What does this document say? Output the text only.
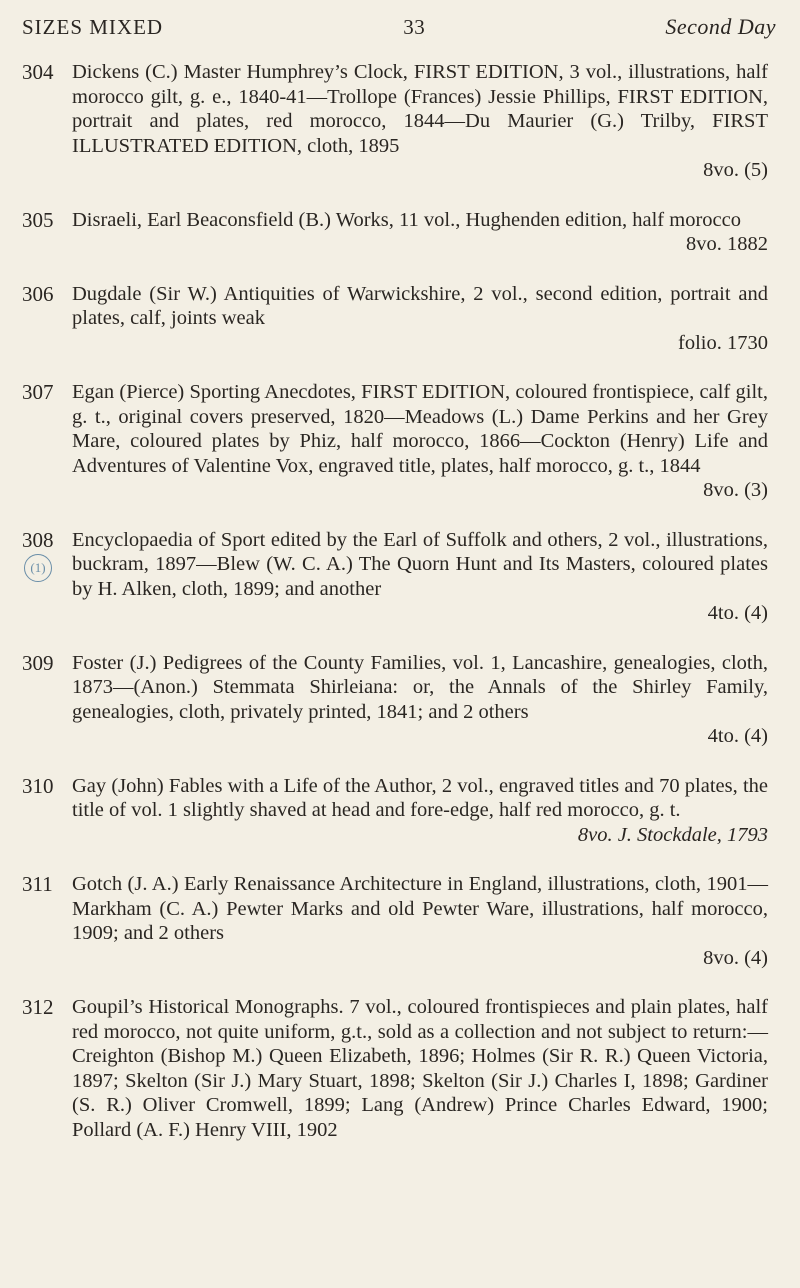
SIZES MIXED	33	Second Day
304 Dickens (C.) Master Humphrey’s Clock, FIRST EDITION, 3 vol., illustrations, half morocco gilt, g. e., 1840-41—Trollope (Frances) Jessie Phillips, FIRST EDITION, portrait and plates, red morocco, 1844—Du Maurier (G.) Trilby, FIRST ILLUSTRATED EDITION, cloth, 1895
8vo. (5)
305 Disraeli, Earl Beaconsfield (B.) Works, 11 vol., Hughenden edition, half morocco
8vo. 1882
306 Dugdale (Sir W.) Antiquities of Warwickshire, 2 vol., second edition, portrait and plates, calf, joints weak
folio. 1730
307 Egan (Pierce) Sporting Anecdotes, FIRST EDITION, coloured frontispiece, calf gilt, g. t., original covers preserved, 1820—Meadows (L.) Dame Perkins and her Grey Mare, coloured plates by Phiz, half morocco, 1866—Cockton (Henry) Life and Adventures of Valentine Vox, engraved title, plates, half morocco, g. t., 1844
8vo. (3)
308
(1)
Encyclopaedia of Sport edited by the Earl of Suffolk and others, 2 vol., illustrations, buckram, 1897—Blew (W. C. A.) The Quorn Hunt and Its Masters, coloured plates by H. Alken, cloth, 1899; and another
4to. (4)
309 Foster (J.) Pedigrees of the County Families, vol. 1, Lancashire, genealogies, cloth, 1873—(Anon.) Stemmata Shirleiana: or, the Annals of the Shirley Family, genealogies, cloth, privately printed, 1841; and 2 others
4to. (4)
310 Gay (John) Fables with a Life of the Author, 2 vol., engraved titles and 70 plates, the title of vol. 1 slightly shaved at head and fore-edge, half red morocco, g. t.
8vo. J. Stockdale, 1793
311 Gotch (J. A.) Early Renaissance Architecture in England, illustrations, cloth, 1901—Markham (C. A.) Pewter Marks and old Pewter Ware, illustrations, half morocco, 1909; and 2 others
8vo. (4)
312 Goupil’s Historical Monographs. 7 vol., coloured frontispieces and plain plates, half red morocco, not quite uniform, g.t., sold as a collection and not subject to return:—Creighton (Bishop M.) Queen Elizabeth, 1896; Holmes (Sir R. R.) Queen Victoria, 1897; Skelton (Sir J.) Mary Stuart, 1898; Skelton (Sir J.) Charles I, 1898; Gardiner (S. R.) Oliver Cromwell, 1899; Lang (Andrew) Prince Charles Edward, 1900; Pollard (A. F.) Henry VIII, 1902
